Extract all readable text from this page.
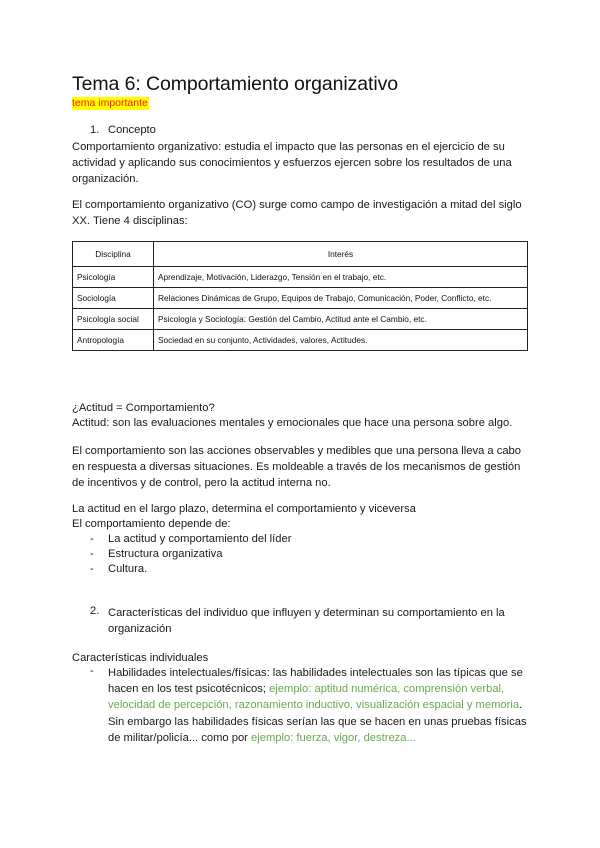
Tema 6: Comportamiento organizativo
tema importante
1. Concepto
Comportamiento organizativo: estudia el impacto que las personas en el ejercicio de su
actividad y aplicando sus conocimientos y esfuerzos ejercen sobre los resultados de una
organización.
El comportamiento organizativo (CO) surge como campo de investigación a mitad del siglo
XX. Tiene 4 disciplinas:
Disciplina	Interés
Psicología	Aprendizaje, Motivación, Liderazgo, Tensión en el trabajo, etc.
Sociología	Relaciones Dinámicas de Grupo, Equipos de Trabajo, Comunicación, Poder, Conflicto, etc.
Psicología social	Psicología y Sociología: Gestión del Cambio, Actitud ante el Cambio, etc.
Antropología	Sociedad en su conjunto, Actividades, valores, Actitudes.
¿Actitud = Comportamiento?
Actitud: son las evaluaciones mentales y emocionales que hace una persona sobre algo.
El comportamiento son las acciones observables y medibles que una persona lleva a cabo
en respuesta a diversas situaciones. Es moldeable a través de los mecanismos de gestión
de incentivos y de control, pero la actitud interna no.
La actitud en el largo plazo, determina el comportamiento y viceversa
El comportamiento depende de:
- La actitud y comportamiento del líder
- Estructura organizativa
- Cultura.
2. Características del individuo que influyen y determinan su comportamiento en la
organización
Características individuales
- Habilidades intelectuales/físicas: las habilidades intelectuales son las típicas que se
hacen en los test psicotécnicos; ejemplo: aptitud numérica, comprensión verbal,
velocidad de percepción, razonamiento inductivo, visualización espacial y memoria.
Sin embargo las habilidades físicas serían las que se hacen en unas pruebas físicas
de militar/policía... como por ejemplo: fuerza, vigor, destreza...
